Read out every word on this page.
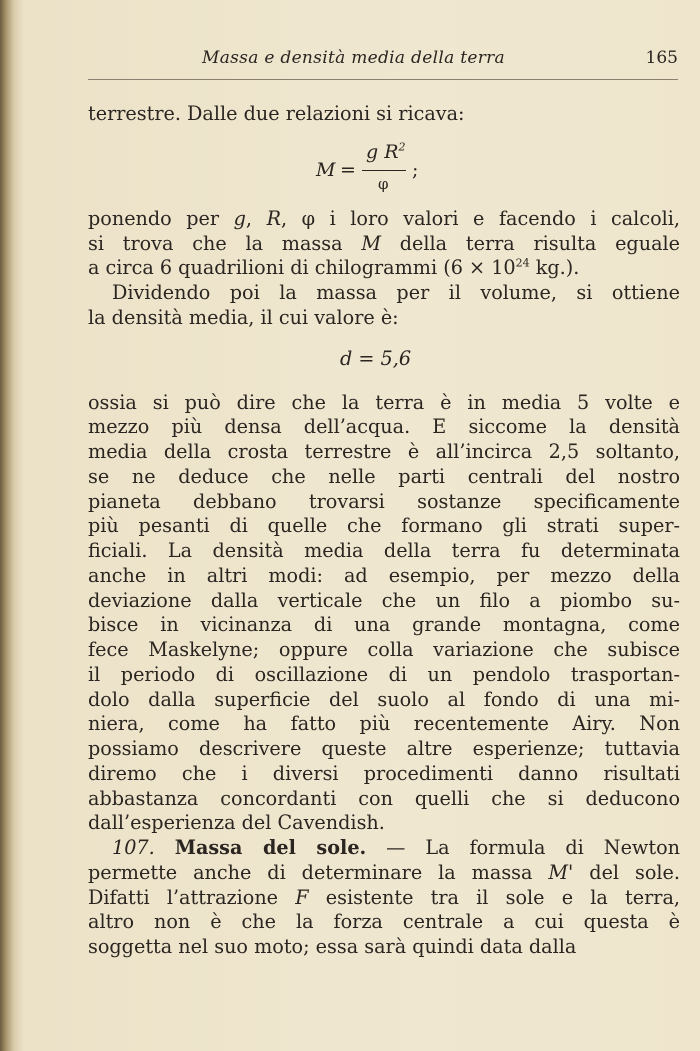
Massa e densità media della terra	165
terrestre. Dalle due relazioni si ricava:
M =
g $R^2$
φ
;
ponendo per g, R, φ i loro valori e facendo i calcoli,
si trova che la massa M della terra risulta eguale
a circa 6 quadrilioni di chilogrammi ($6 \times 10^{24}$ kg.).
Dividendo poi la massa per il volume, si ottiene
la densità media, il cui valore è:
d = 5,6
ossia si può dire che la terra è in media 5 volte e
mezzo più densa dell’acqua. E siccome la densità
media della crosta terrestre è all’incirca 2,5 soltanto,
se ne deduce che nelle parti centrali del nostro
pianeta debbano trovarsi sostanze specificamente
più pesanti di quelle che formano gli strati super-
ficiali. La densità media della terra fu determinata
anche in altri modi: ad esempio, per mezzo della
deviazione dalla verticale che un filo a piombo su-
bisce in vicinanza di una grande montagna, come
fece Maskelyne; oppure colla variazione che subisce
il periodo di oscillazione di un pendolo trasportan-
dolo dalla superficie del suolo al fondo di una mi-
niera, come ha fatto più recentemente Airy. Non
possiamo descrivere queste altre esperienze; tuttavia
diremo che i diversi procedimenti danno risultati
abbastanza concordanti con quelli che si deducono
dall’esperienza del Cavendish.
107. Massa del sole. — La formula di Newton
permette anche di determinare la massa M' del sole.
Difatti l’attrazione F esistente tra il sole e la terra,
altro non è che la forza centrale a cui questa è
soggetta nel suo moto; essa sarà quindi data dalla
